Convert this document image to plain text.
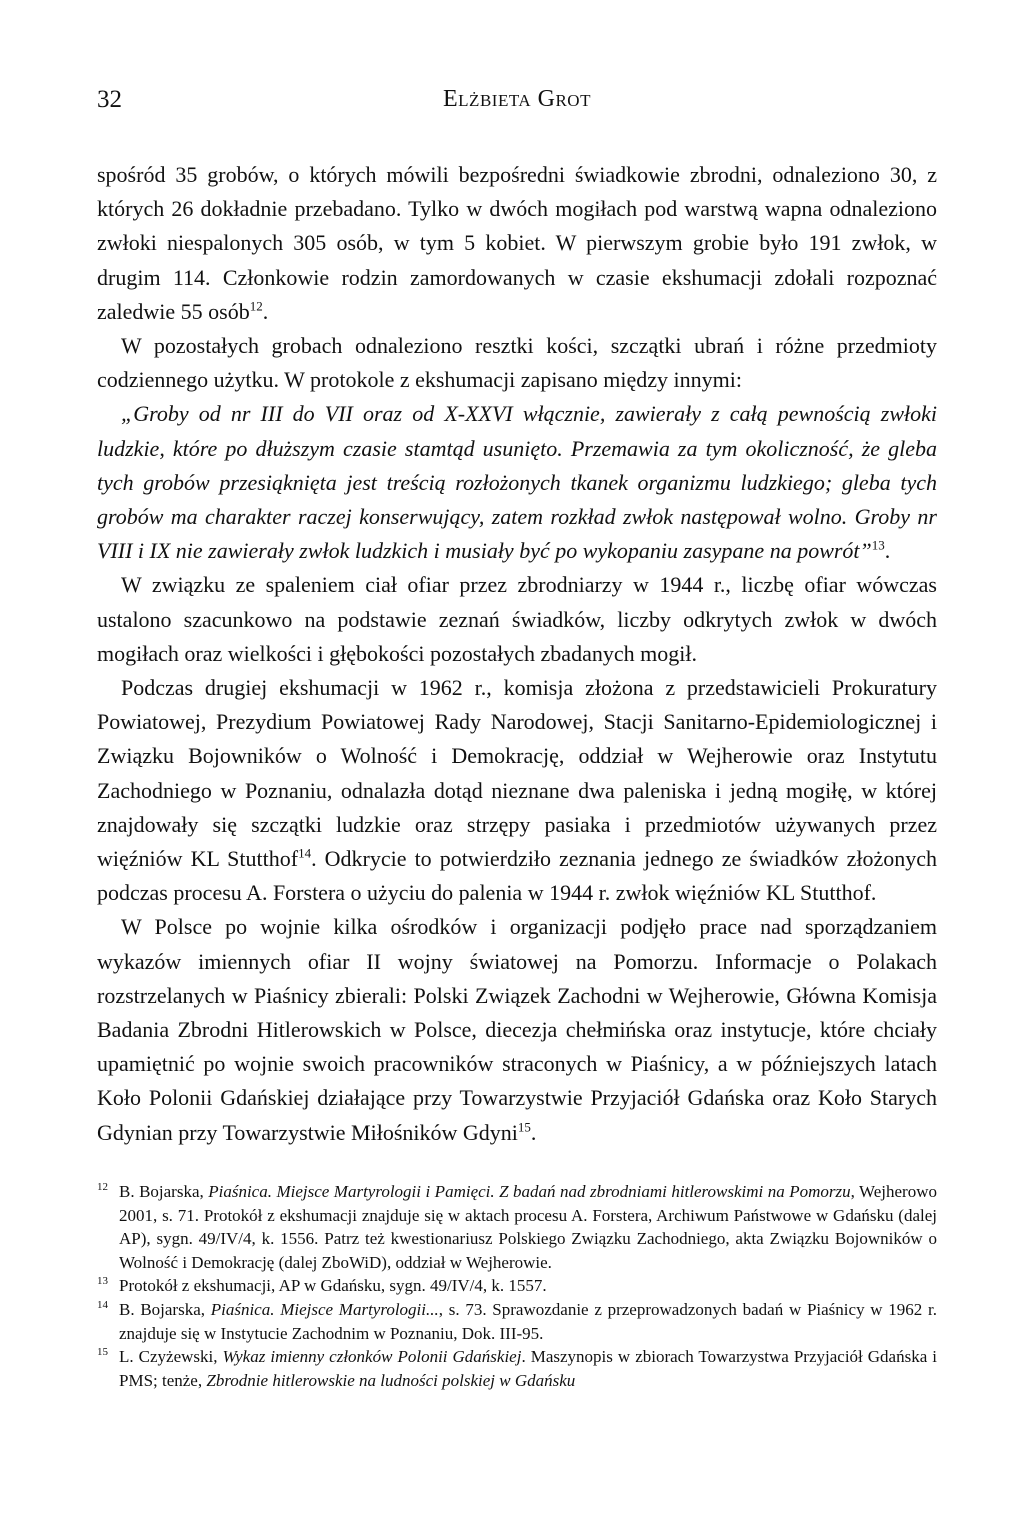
32	Elżbieta Grot

spośród 35 grobów, o których mówili bezpośredni świadkowie zbrodni, odnaleziono 30, z których 26 dokładnie przebadano. Tylko w dwóch mogiłach pod warstwą wapna odnaleziono zwłoki niespalonych 305 osób, w tym 5 kobiet. W pierwszym grobie było 191 zwłok, w drugim 114. Członkowie rodzin zamordowanych w czasie ekshumacji zdołali rozpoznać zaledwie 55 osób$^{12}$.

W pozostałych grobach odnaleziono resztki kości, szczątki ubrań i różne przedmioty codziennego użytku. W protokole z ekshumacji zapisano między innymi:

„Groby od nr III do VII oraz od X-XXVI włącznie, zawierały z całą pewnością zwłoki ludzkie, które po dłuższym czasie stamtąd usunięto. Przemawia za tym okoliczność, że gleba tych grobów przesiąknięta jest treścią rozłożonych tkanek organizmu ludzkiego; gleba tych grobów ma charakter raczej konserwujący, zatem rozkład zwłok następował wolno. Groby nr VIII i IX nie zawierały zwłok ludzkich i musiały być po wykopaniu zasypane na powrót”$^{13}$.

W związku ze spaleniem ciał ofiar przez zbrodniarzy w 1944 r., liczbę ofiar wówczas ustalono szacunkowo na podstawie zeznań świadków, liczby odkrytych zwłok w dwóch mogiłach oraz wielkości i głębokości pozostałych zbadanych mogił.

Podczas drugiej ekshumacji w 1962 r., komisja złożona z przedstawicieli Prokuratury Powiatowej, Prezydium Powiatowej Rady Narodowej, Stacji Sanitarno-Epidemiologicznej i Związku Bojowników o Wolność i Demokrację, oddział w Wejherowie oraz Instytutu Zachodniego w Poznaniu, odnalazła dotąd nieznane dwa paleniska i jedną mogiłę, w której znajdowały się szczątki ludzkie oraz strzępy pasiaka i przedmiotów używanych przez więźniów KL Stutthof$^{14}$. Odkrycie to potwierdziło zeznania jednego ze świadków złożonych podczas procesu A. Forstera o użyciu do palenia w 1944 r. zwłok więźniów KL Stutthof.

W Polsce po wojnie kilka ośrodków i organizacji podjęło prace nad sporządzaniem wykazów imiennych ofiar II wojny światowej na Pomorzu. Informacje o Polakach rozstrzelanych w Piaśnicy zbierali: Polski Związek Zachodni w Wejherowie, Główna Komisja Badania Zbrodni Hitlerowskich w Polsce, diecezja chełmińska oraz instytucje, które chciały upamiętnić po wojnie swoich pracowników straconych w Piaśnicy, a w późniejszych latach Koło Polonii Gdańskiej działające przy Towarzystwie Przyjaciół Gdańska oraz Koło Starych Gdynian przy Towarzystwie Miłośników Gdyni$^{15}$.

12 B. Bojarska, Piaśnica. Miejsce Martyrologii i Pamięci. Z badań nad zbrodniami hitlerowskimi na Pomorzu, Wejherowo 2001, s. 71. Protokół z ekshumacji znajduje się w aktach procesu A. Forstera, Archiwum Państwowe w Gdańsku (dalej AP), sygn. 49/IV/4, k. 1556. Patrz też kwestionariusz Polskiego Związku Zachodniego, akta Związku Bojowników o Wolność i Demokrację (dalej ZboWiD), oddział w Wejherowie.
13 Protokół z ekshumacji, AP w Gdańsku, sygn. 49/IV/4, k. 1557.
14 B. Bojarska, Piaśnica. Miejsce Martyrologii..., s. 73. Sprawozdanie z przeprowadzonych badań w Piaśnicy w 1962 r. znajduje się w Instytucie Zachodnim w Poznaniu, Dok. III-95.
15 L. Czyżewski, Wykaz imienny członków Polonii Gdańskiej. Maszynopis w zbiorach Towarzystwa Przyjaciół Gdańska i PMS; tenże, Zbrodnie hitlerowskie na ludności polskiej w Gdańsku
